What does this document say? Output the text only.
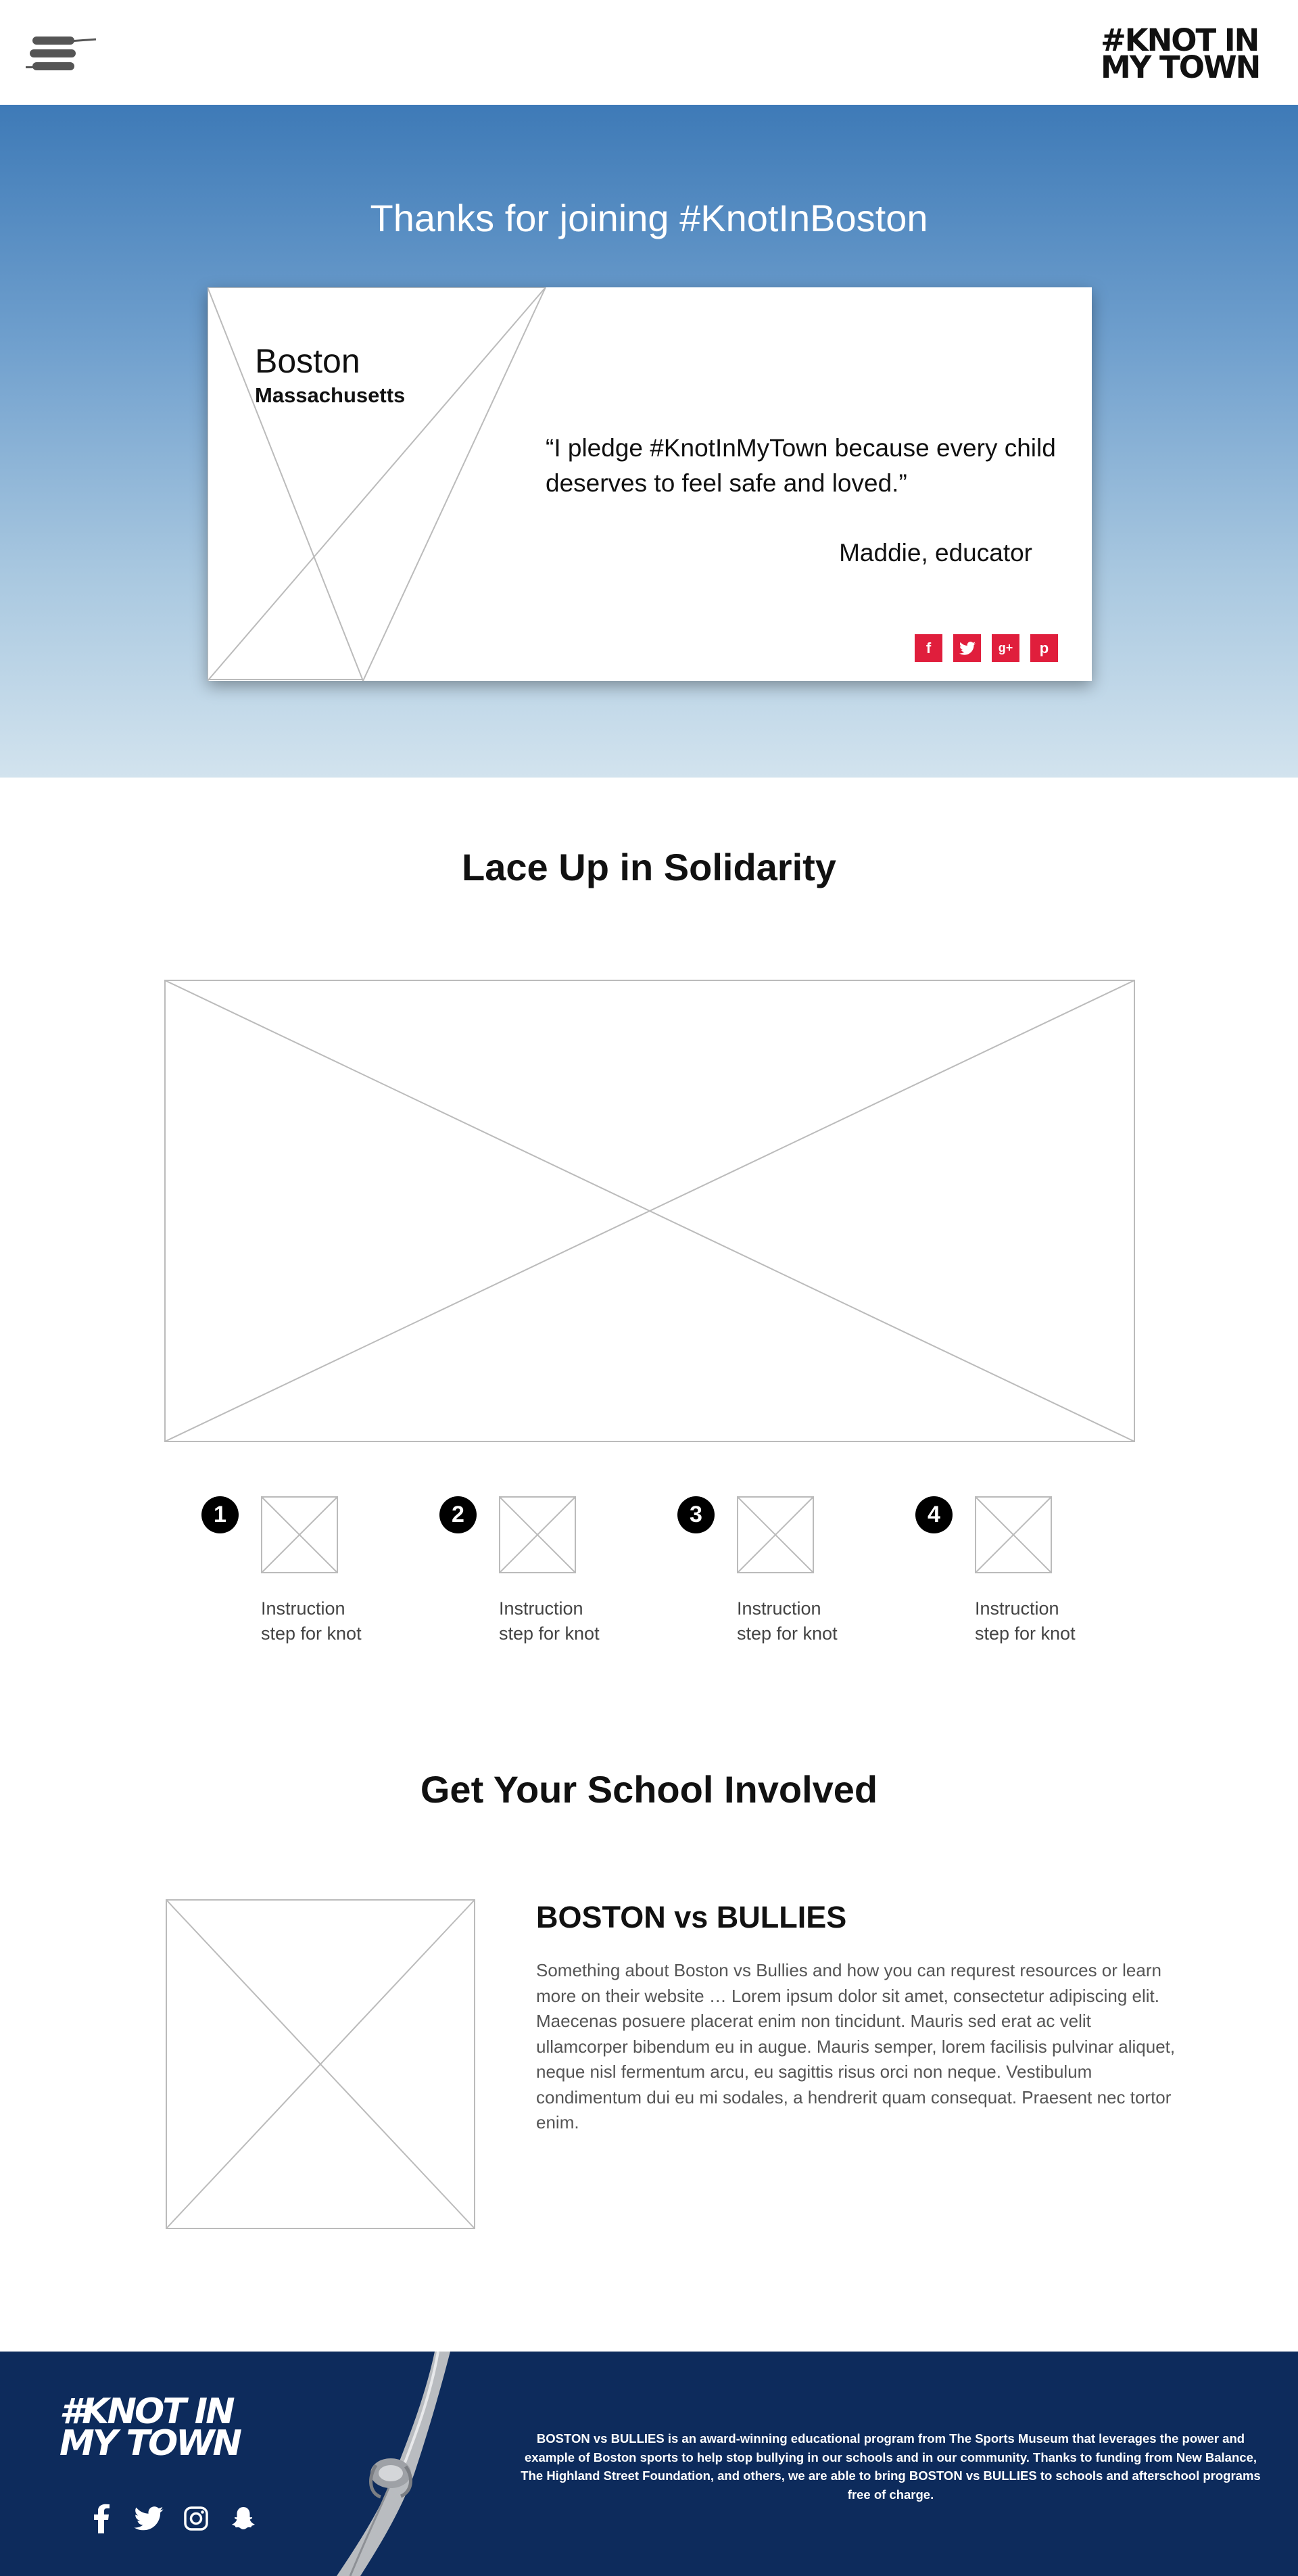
#KNOT IN
MY TOWN
Thanks for joining #KnotInBoston
Boston
Massachusetts
“I pledge #KnotInMyTown because every child deserves to feel safe and loved.”
Maddie, educator
f	g+	p
Lace Up in Solidarity
1
Instruction
step for knot
2
Instruction
step for knot
3
Instruction
step for knot
4
Instruction
step for knot
Get Your School Involved
BOSTON vs BULLIES

Something about Boston vs Bullies and how you can requrest resources or learn more on their website … Lorem ipsum dolor sit amet, consectetur adipiscing elit. Maecenas posuere placerat enim non tincidunt. Mauris sed erat ac velit ullamcorper bibendum eu in augue. Mauris semper, lorem facilisis pulvinar aliquet, neque nisl fermentum arcu, eu sagittis risus orci non neque. Vestibulum condimentum dui eu mi sodales, a hendrerit quam consequat. Praesent nec tortor enim.

#KNOT IN
MY TOWN	BOSTON vs BULLIES is an award-winning educational program from The Sports Museum that leverages the power and example of Boston sports to help stop bullying in our schools and in our community. Thanks to funding from New Balance, The Highland Street Foundation, and others, we are able to bring BOSTON vs BULLIES to schools and afterschool programs free of charge.
